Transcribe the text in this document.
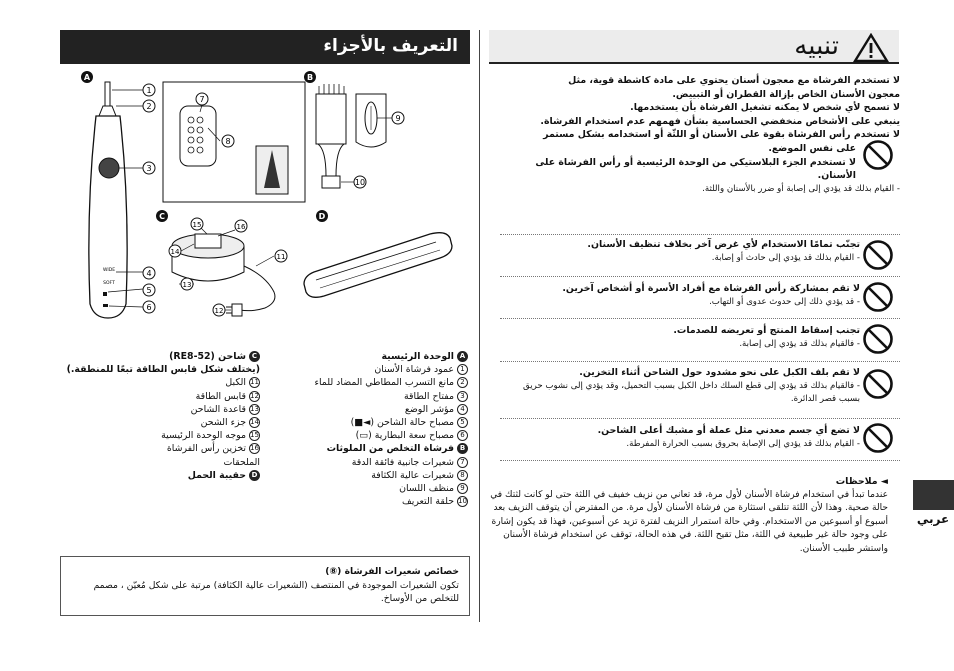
تنبيه

لا تستخدم الفرشاة مع معجون أسنان يحتوي على مادة كاشطة قوية، مثل

معجون الأسنان الخاص بإزالة القطران أو التبييض.

لا تسمح لأي شخص لا يمكنه تشغيل الفرشاة بأن يستخدمها.

ينبغي على الأشخاص منخفضي الحساسية بشأن فهمهم عدم استخدام الفرشاة.

لا تستخدم رأس الفرشاة بقوة على الأسنان أو اللثّة أو استخدامه بشكل مستمر

على نفس الموضع.

لا تستخدم الجزء البلاستيكي من الوحدة الرئيسية أو رأس الفرشاة على

الأسنان.

- القيام بذلك قد يؤدي إلى إصابة أو ضرر بالأسنان واللثة.

تجنّب تمامًا الاستخدام لأي غرض آخر بخلاف تنظيف الأسنان.
- القيام بذلك قد يؤدي إلى حادث أو إصابة.
لا تقم بمشاركة رأس الفرشاة مع أفراد الأسرة أو أشخاص آخرين.
- قد يؤدي ذلك إلى حدوث عدوى أو التهاب.
تجنب إسقاط المنتج أو تعريضه للصدمات.
- فالقيام بذلك قد يؤدي إلى إصابة.
لا تقم بلف الكبل على نحو مشدود حول الشاحن أثناء التخزين.
- فالقيام بذلك قد يؤدي إلى قطع السلك داخل الكبل بسبب التحميل، وقد يؤدي إلى نشوب حريق بسبب قصر الدائرة.
لا تضع أي جسم معدني مثل عملة أو مشبك أعلى الشاحن.
- القيام بذلك قد يؤدي إلى الإصابة بحروق بسبب الحرارة المفرطة.
◄ ملاحظات
عندما تبدأ في استخدام فرشاة الأسنان لأول مرة، قد تعاني من نزيف خفيف في اللثة حتى لو كانت لثتك في حالة صحية. وهذا لأن اللثة تتلقى استثارة من فرشاة الأسنان لأول مرة. من المفترض أن يتوقف النزيف بعد أسبوع أو أسبوعين من الاستخدام. وفي حالة استمرار النزيف لفترة تزيد عن أسبوعين، فهذا قد يكون إشارة على وجود حالة غير طبيعية في اللثة، مثل تقيح اللثة. في هذه الحالة، توقف عن استخدام فرشاة الأسنان واستشر طبيب الأسنان.
عربي
التعريف بالأجزاء
A
WIDE
SOFT
1
2
3
4
5
6
B
7
8
9
10
C
15	16
14
11
13
12
D
Aالوحدة الرئيسية
1عمود فرشاة الأسنان
2مانع التسرب المطاطي المضاد للماء
3مفتاح الطاقة
4مؤشر الوضع
5مصباح حالة الشاحن (◄■)
6مصباح سعة البطارية (▭)
Bفرشاة التخلص من الملوثات
7شعيرات جانبية فائقة الدقة
8شعيرات عالية الكثافة
9منظف اللسان
10حلقة التعريف
Cشاحن (RE8-52)
(يختلف شكل قابس الطاقة تبعًا للمنطقة.)
11الكبل
12قابس الطاقة
13قاعدة الشاحن
14جزء الشحن
15موجه الوحدة الرئيسية
16تخزين رأس الفرشاة
الملحقات
Dحقيبة الحمل
خصائص شعيرات الفرشاة (⑧)
تكون الشعيرات الموجودة في المنتصف (الشعيرات عالية الكثافة) مرتبة على شكل مُعيّن ، مصمم للتخلص من الأوساخ.
